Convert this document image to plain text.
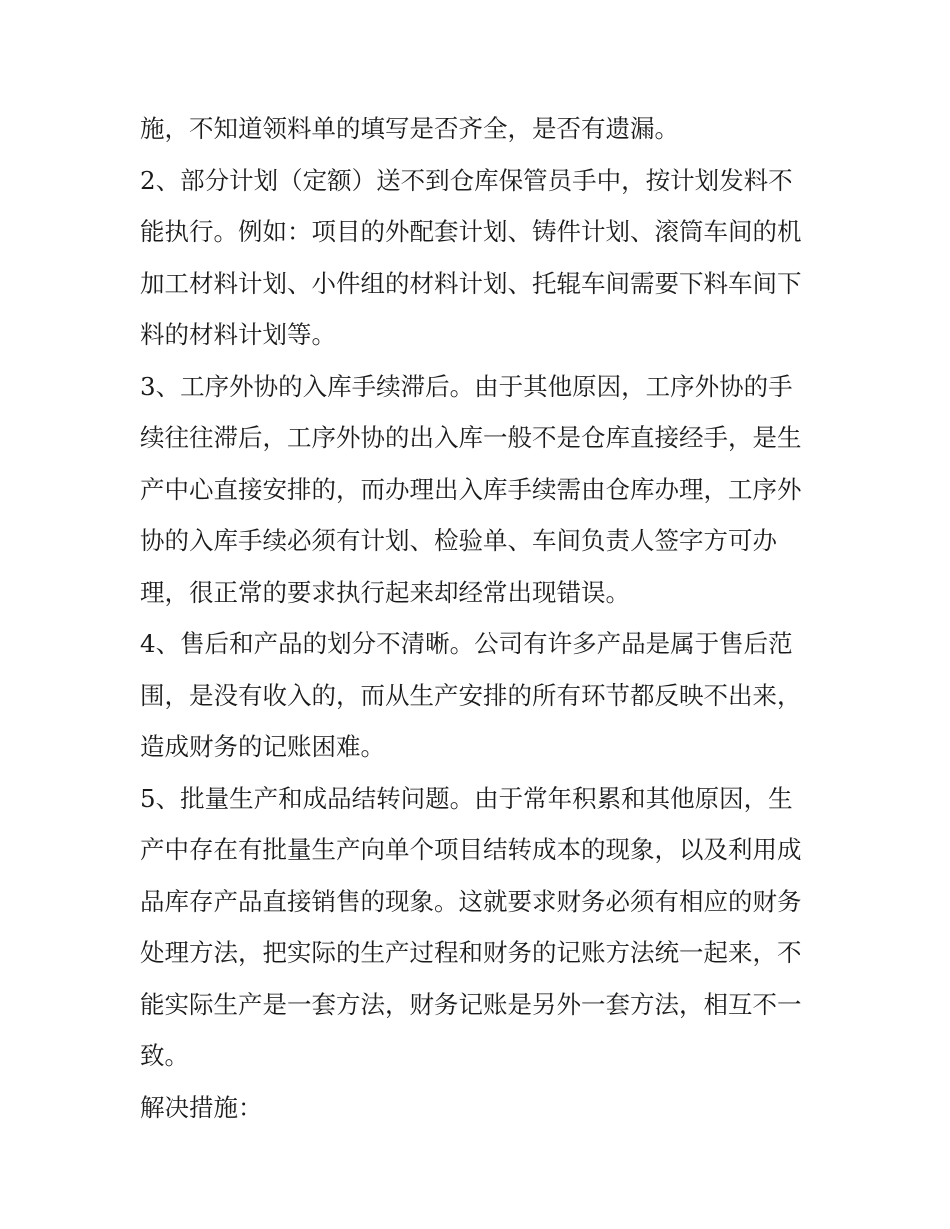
施，不知道领料单的填写是否齐全，是否有遗漏。

2、部分计划（定额）送不到仓库保管员手中，按计划发料不

能执行。例如：项目的外配套计划、铸件计划、滚筒车间的机

加工材料计划、小件组的材料计划、托辊车间需要下料车间下

料的材料计划等。

3、工序外协的入库手续滞后。由于其他原因，工序外协的手

续往往滞后，工序外协的出入库一般不是仓库直接经手，是生

产中心直接安排的，而办理出入库手续需由仓库办理，工序外

协的入库手续必须有计划、检验单、车间负责人签字方可办

理，很正常的要求执行起来却经常出现错误。

4、售后和产品的划分不清晰。公司有许多产品是属于售后范

围，是没有收入的，而从生产安排的所有环节都反映不出来，

造成财务的记账困难。

5、批量生产和成品结转问题。由于常年积累和其他原因，生

产中存在有批量生产向单个项目结转成本的现象，以及利用成

品库存产品直接销售的现象。这就要求财务必须有相应的财务

处理方法，把实际的生产过程和财务的记账方法统一起来，不

能实际生产是一套方法，财务记账是另外一套方法，相互不一

致。

解决措施：
